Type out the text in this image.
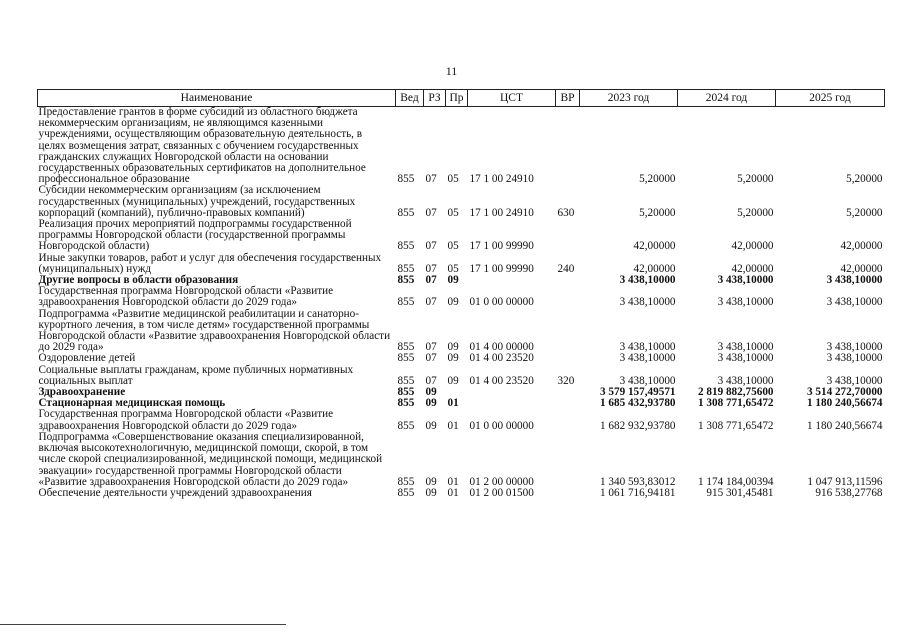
11
Наименование	Вед	РЗ	Пр	ЦСТ	ВР	2023 год	2024 год	2025 год
Предоставление грантов в форме субсидий из областного бюджета некоммерческим организациям, не являющимся казенными учреждениями, осуществляющим образовательную деятельность, в целях возмещения затрат, связанных с обучением государственных гражданских служащих Новгородской области на основании государственных образовательных сертификатов на дополнительное профессиональное образование	855	07	05	17 1 00 24910		5,20000	5,20000	5,20000
Субсидии некоммерческим организациям (за исключением государственных (муниципальных) учреждений, государственных корпораций (компаний), публично-правовых компаний)	855	07	05	17 1 00 24910	630	5,20000	5,20000	5,20000
Реализация прочих мероприятий подпрограммы государственной программы Новгородской области (государственной программы Новгородской области)	855	07	05	17 1 00 99990		42,00000	42,00000	42,00000
Иные закупки товаров, работ и услуг для обеспечения государственных (муниципальных) нужд	855	07	05	17 1 00 99990	240	42,00000	42,00000	42,00000
Другие вопросы в области образования	855	07	09			3 438,10000	3 438,10000	3 438,10000
Государственная программа Новгородской области «Развитие здравоохранения Новгородской области до 2029 года»	855	07	09	01 0 00 00000		3 438,10000	3 438,10000	3 438,10000
Подпрограмма «Развитие медицинской реабилитации и санаторно-курортного лечения, в том числе детям» государственной программы Новгородской области «Развитие здравоохранения Новгородской области до 2029 года»	855	07	09	01 4 00 00000		3 438,10000	3 438,10000	3 438,10000
Оздоровление детей	855	07	09	01 4 00 23520		3 438,10000	3 438,10000	3 438,10000
Социальные выплаты гражданам, кроме публичных нормативных социальных выплат	855	07	09	01 4 00 23520	320	3 438,10000	3 438,10000	3 438,10000
Здравоохранение	855	09				3 579 157,49571	2 819 882,75600	3 514 272,70000
Стационарная медицинская помощь	855	09	01			1 685 432,93780	1 308 771,65472	1 180 240,56674
Государственная программа Новгородской области «Развитие здравоохранения Новгородской области до 2029 года»	855	09	01	01 0 00 00000		1 682 932,93780	1 308 771,65472	1 180 240,56674
Подпрограмма «Совершенствование оказания специализированной, включая высокотехнологичную, медицинской помощи, скорой, в том числе скорой специализированной, медицинской помощи, медицинской эвакуации» государственной программы Новгородской области «Развитие здравоохранения Новгородской области до 2029 года»	855	09	01	01 2 00 00000		1 340 593,83012	1 174 184,00394	1 047 913,11596
Обеспечение деятельности учреждений здравоохранения	855	09	01	01 2 00 01500		1 061 716,94181	915 301,45481	916 538,27768
